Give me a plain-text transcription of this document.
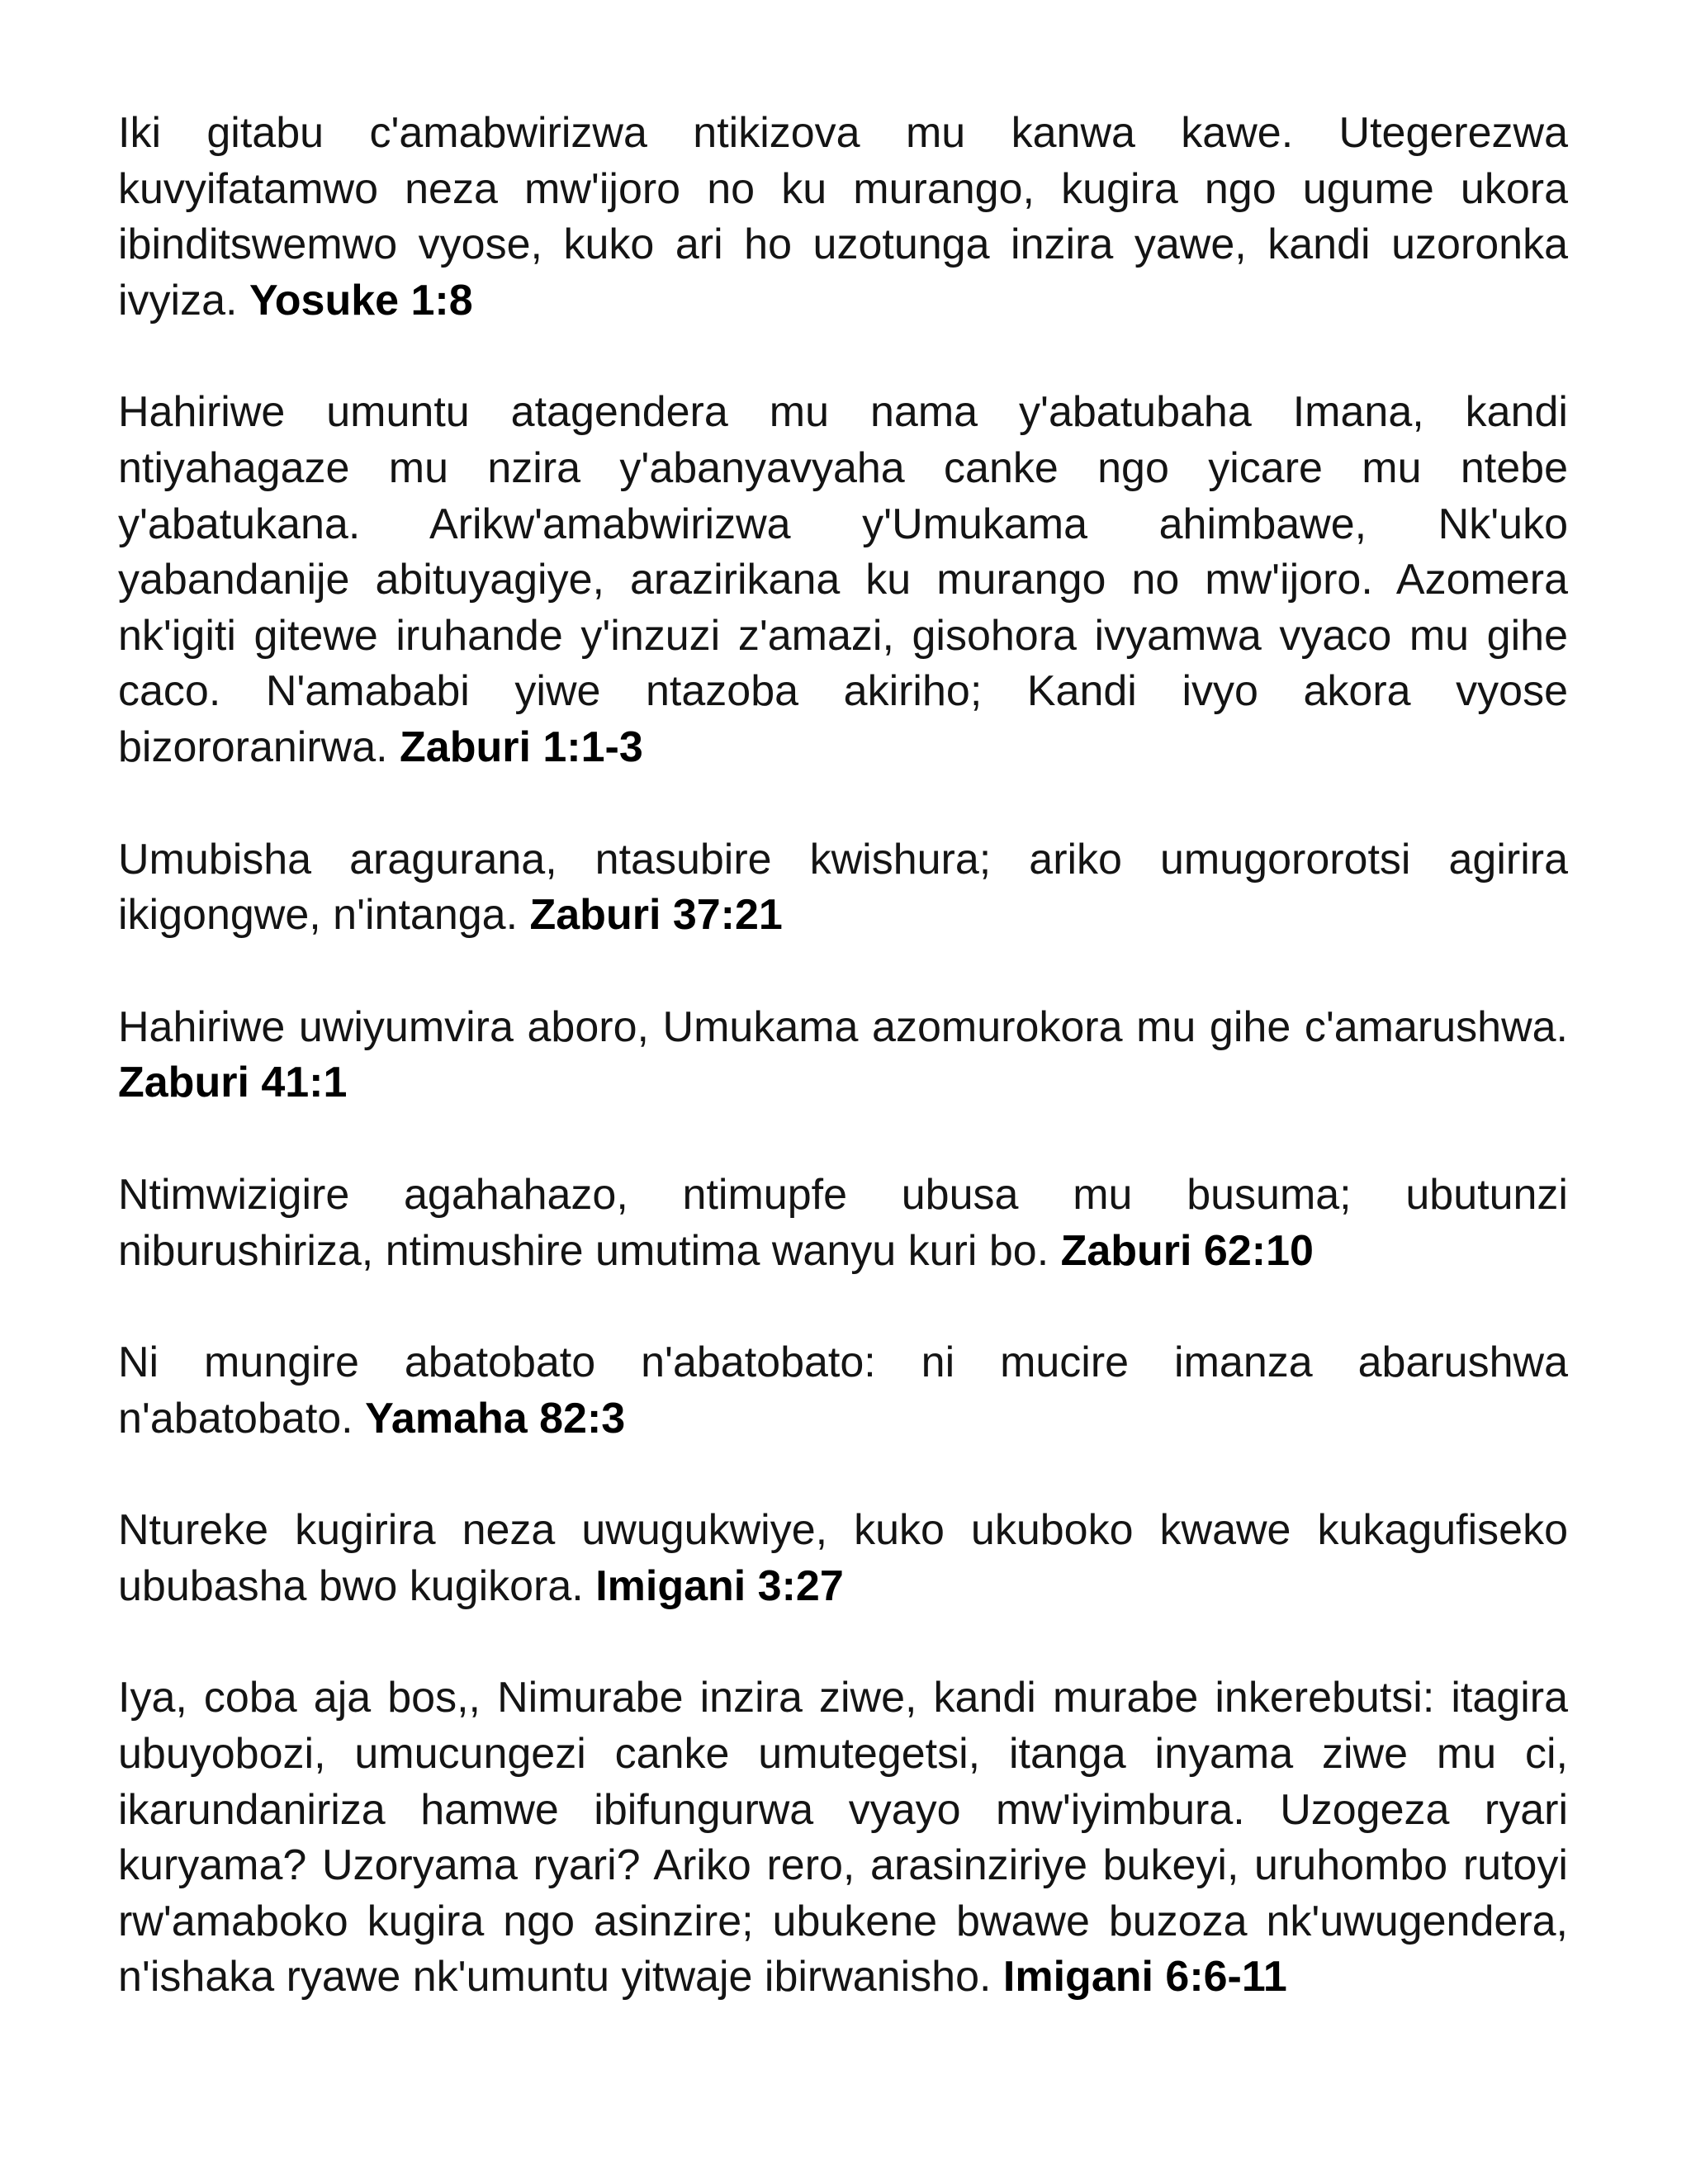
Iki gitabu c'amabwirizwa ntikizova mu kanwa kawe. Utegerezwa kuvyifatamwo neza mw'ijoro no ku murango, kugira ngo ugume ukora ibinditswemwo vyose, kuko ari ho uzotunga inzira yawe, kandi uzoronka ivyiza. Yosuke 1:8

Hahiriwe umuntu atagendera mu nama y'abatubaha Imana, kandi ntiyahagaze mu nzira y'abanyavyaha canke ngo yicare mu ntebe y'abatukana. Arikw'amabwirizwa y'Umukama ahimbawe, Nk'uko yabandanije abituyagiye, arazirikana ku murango no mw'ijoro. Azomera nk'igiti gitewe iruhande y'inzuzi z'amazi, gisohora ivyamwa vyaco mu gihe caco. N'amababi yiwe ntazoba akiriho; Kandi ivyo akora vyose bizororanirwa. Zaburi 1:1-3

Umubisha aragurana, ntasubire kwishura; ariko umugororotsi agirira ikigongwe, n'intanga. Zaburi 37:21

Hahiriwe uwiyumvira aboro, Umukama azomurokora mu gihe c'amarushwa. Zaburi 41:1

Ntimwizigire agahahazo, ntimupfe ubusa mu busuma; ubutunzi niburushiriza, ntimushire umutima wanyu kuri bo. Zaburi 62:10

Ni mungire abatobato n'abatobato: ni mucire imanza abarushwa n'abatobato. Yamaha 82:3

Ntureke kugirira neza uwugukwiye, kuko ukuboko kwawe kukagufiseko ububasha bwo kugikora. Imigani 3:27

Iya, coba aja bos,, Nimurabe inzira ziwe, kandi murabe inkerebutsi: itagira ubuyobozi, umucungezi canke umutegetsi, itanga inyama ziwe mu ci, ikarundaniriza hamwe ibifungurwa vyayo mw'iyimbura. Uzogeza ryari kuryama? Uzoryama ryari? Ariko rero, arasinziriye bukeyi, uruhombo rutoyi rw'amaboko kugira ngo asinzire; ubukene bwawe buzoza nk'uwugendera, n'ishaka ryawe nk'umuntu yitwaje ibirwanisho. Imigani 6:6-11
